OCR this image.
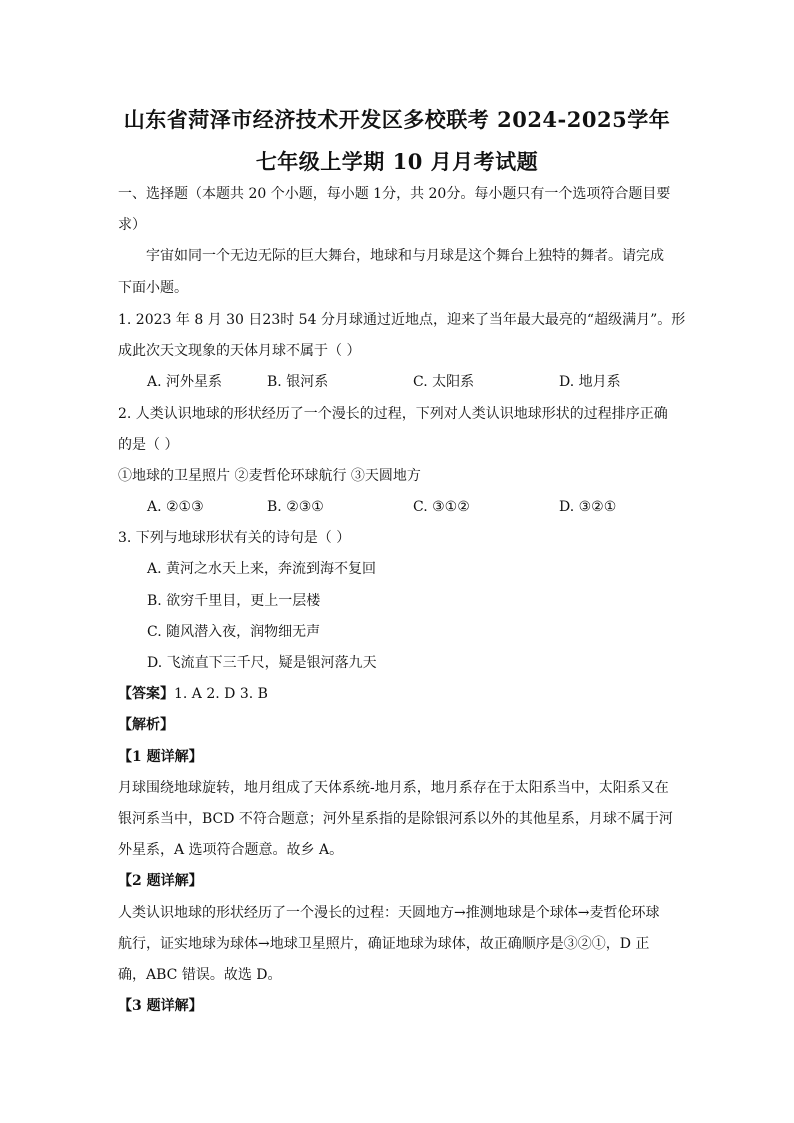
山东省菏泽市经济技术开发区多校联考 2024-2025学年
七年级上学期 10 月月考试题
一、选择题（本题共 20 个小题，每小题 1分，共 20分。每小题只有一个选项符合题目要
求）
宇宙如同一个无边无际的巨大舞台，地球和与月球是这个舞台上独特的舞者。请完成
下面小题。
1. 2023 年 8 月 30 日23时 54 分月球通过近地点，迎来了当年最大最亮的“超级满月”。形
成此次天文现象的天体月球不属于（ ）
A. 河外星系	B. 银河系	C. 太阳系	D. 地月系
2. 人类认识地球的形状经历了一个漫长的过程，下列对人类认识地球形状的过程排序正确
的是（ ）
①地球的卫星照片 ②麦哲伦环球航行 ③天圆地方
A. ②①③	B. ②③①	C. ③①②	D. ③②①
3. 下列与地球形状有关的诗句是（ ）
A. 黄河之水天上来，奔流到海不复回
B. 欲穷千里目，更上一层楼
C. 随风潜入夜，润物细无声
D. 飞流直下三千尺，疑是银河落九天
【答案】1. A 2. D 3. B
【解析】
【1 题详解】
月球围绕地球旋转，地月组成了天体系统-地月系，地月系存在于太阳系当中，太阳系又在
银河系当中，BCD 不符合题意；河外星系指的是除银河系以外的其他星系，月球不属于河
外星系，A 选项符合题意。故乡 A。
【2 题详解】
人类认识地球的形状经历了一个漫长的过程：天圆地方→推测地球是个球体→麦哲伦环球
航行，证实地球为球体→地球卫星照片，确证地球为球体，故正确顺序是③②①，D 正
确，ABC 错误。故选 D。
【3 题详解】
